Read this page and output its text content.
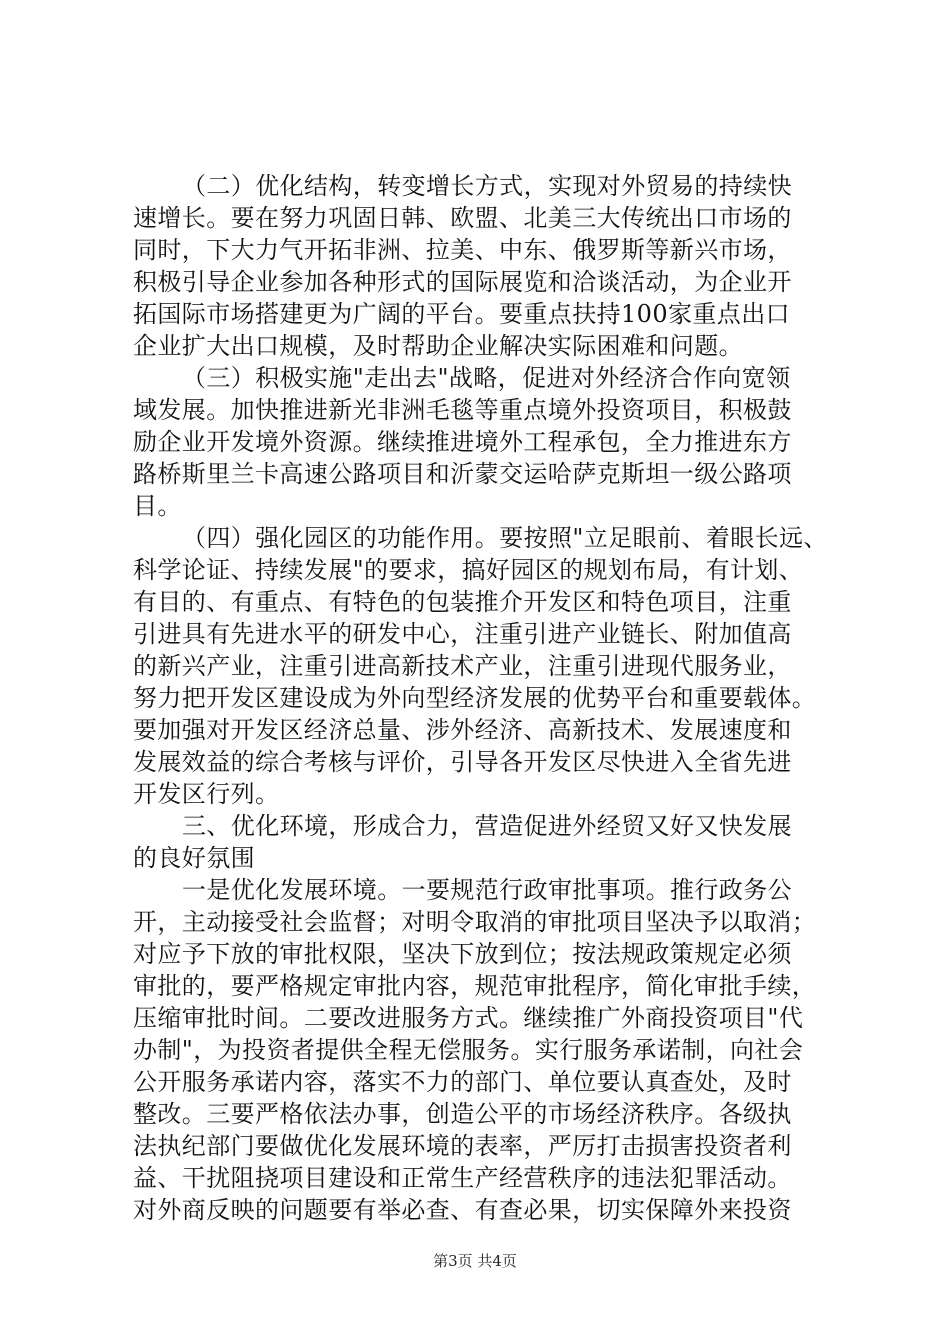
（二）优化结构，转变增长方式，实现对外贸易的持续快
速增长。要在努力巩固日韩、欧盟、北美三大传统出口市场的
同时，下大力气开拓非洲、拉美、中东、俄罗斯等新兴市场，
积极引导企业参加各种形式的国际展览和洽谈活动，为企业开
拓国际市场搭建更为广阔的平台。要重点扶持100家重点出口
企业扩大出口规模，及时帮助企业解决实际困难和问题。
（三）积极实施"走出去"战略，促进对外经济合作向宽领
域发展。加快推进新光非洲毛毯等重点境外投资项目，积极鼓
励企业开发境外资源。继续推进境外工程承包，全力推进东方
路桥斯里兰卡高速公路项目和沂蒙交运哈萨克斯坦一级公路项
目。
（四）强化园区的功能作用。要按照"立足眼前、着眼长远、
科学论证、持续发展"的要求，搞好园区的规划布局，有计划、
有目的、有重点、有特色的包装推介开发区和特色项目，注重
引进具有先进水平的研发中心，注重引进产业链长、附加值高
的新兴产业，注重引进高新技术产业，注重引进现代服务业，
努力把开发区建设成为外向型经济发展的优势平台和重要载体。
要加强对开发区经济总量、涉外经济、高新技术、发展速度和
发展效益的综合考核与评价，引导各开发区尽快进入全省先进
开发区行列。
三、优化环境，形成合力，营造促进外经贸又好又快发展
的良好氛围
一是优化发展环境。一要规范行政审批事项。推行政务公
开，主动接受社会监督；对明令取消的审批项目坚决予以取消；
对应予下放的审批权限，坚决下放到位；按法规政策规定必须
审批的，要严格规定审批内容，规范审批程序，简化审批手续，
压缩审批时间。二要改进服务方式。继续推广外商投资项目"代
办制"，为投资者提供全程无偿服务。实行服务承诺制，向社会
公开服务承诺内容，落实不力的部门、单位要认真查处，及时
整改。三要严格依法办事，创造公平的市场经济秩序。各级执
法执纪部门要做优化发展环境的表率，严厉打击损害投资者利
益、干扰阻挠项目建设和正常生产经营秩序的违法犯罪活动。
对外商反映的问题要有举必查、有查必果，切实保障外来投资
第3页 共4页
